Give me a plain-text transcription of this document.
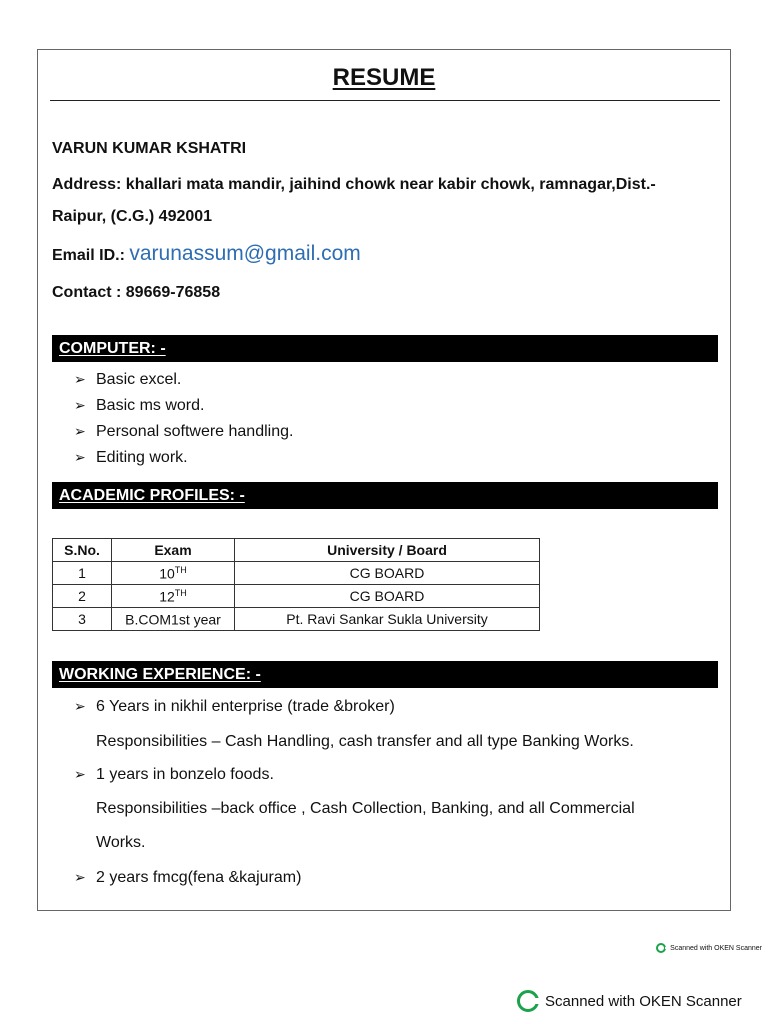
RESUME
VARUN KUMAR KSHATRI
Address: khallari mata mandir, jaihind chowk near kabir chowk, ramnagar,Dist.-
Raipur, (C.G.) 492001
Email ID.: varunassum@gmail.com
Contact : 89669-76858
COMPUTER: -
➢ Basic excel.
➢ Basic ms word.
➢ Personal softwere handling.
➢ Editing work.
ACADEMIC PROFILES: -
S.No.	Exam	University / Board
1	10TH	CG BOARD
2	12TH	CG BOARD
3	B.COM1st year	Pt. Ravi Sankar Sukla University
WORKING EXPERIENCE: -
➢ 6 Years in nikhil enterprise (trade &broker)
Responsibilities – Cash Handling, cash transfer and all type Banking Works.
➢ 1 years in bonzelo foods.
Responsibilities –back office , Cash Collection, Banking, and all Commercial
Works.
➢ 2 years fmcg(fena &kajuram)
Scanned with OKEN Scanner
Scanned with OKEN Scanner
